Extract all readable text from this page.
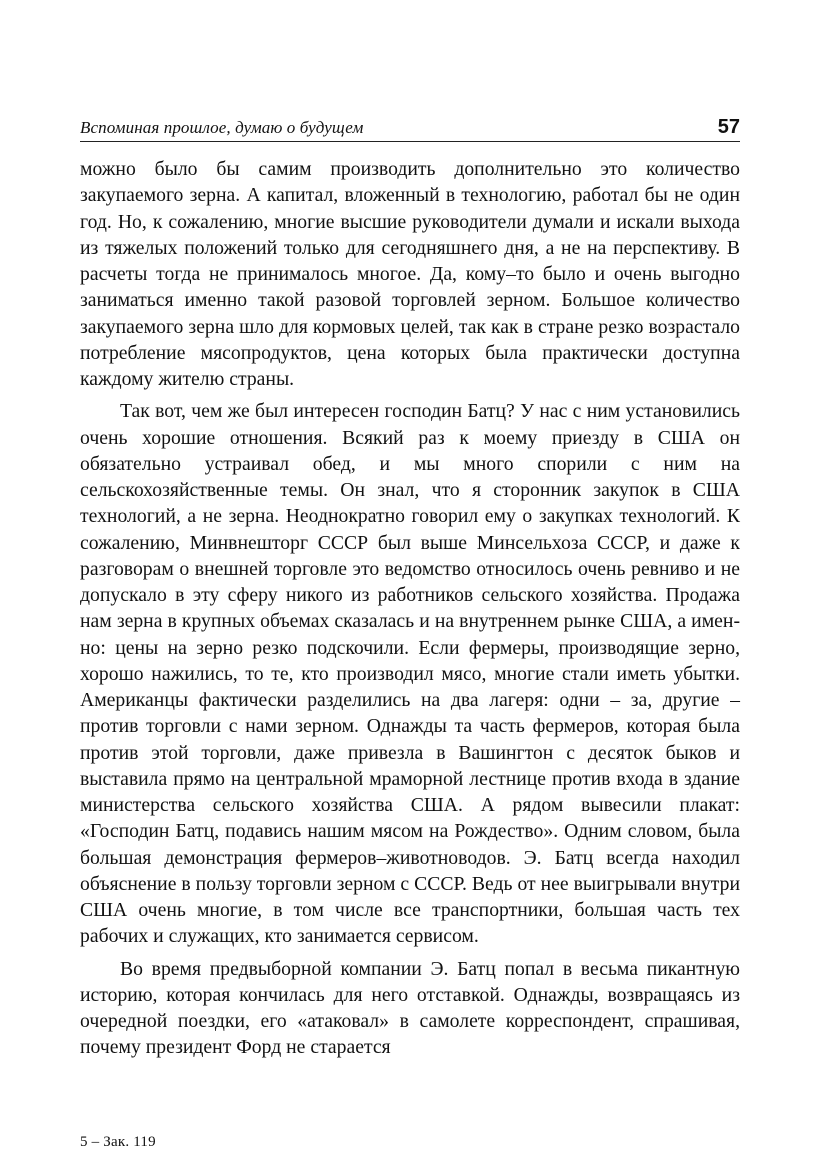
Вспоминая прошлое, думаю о будущем	57

можно было бы самим производить дополнительно это количество закупаемого зерна. А капитал, вложенный в технологию, работал бы не один год. Но, к сожалению, многие высшие руководители думали и искали выхода из тяжелых положений только для сегодняшнего дня, а не на перспективу. В расчеты тогда не принималось многое. Да, кому–то было и очень выгодно заниматься именно такой разовой торговлей зерном. Большое количество закупаемого зерна шло для кормовых целей, так как в стране резко возрастало потребление мясопродуктов, цена которых была практически доступна каждому жителю страны.

Так вот, чем же был интересен господин Батц? У нас с ним установились очень хорошие отношения. Всякий раз к моему приезду в США он обязательно устраивал обед, и мы много спорили с ним на сельскохозяйственные темы. Он знал, что я сторонник закупок в США технологий, а не зерна. Неоднократно говорил ему о закупках технологий. К сожалению, Минвнешторг СССР был выше Минсельхоза СССР, и даже к разговорам о внешней торговле это ведомство относилось очень ревниво и не допускало в эту сферу никого из работников сельского хозяйства. Продажа нам зерна в крупных объемах сказалась и на внутреннем рынке США, а именно: цены на зерно резко подскочили. Если фермеры, производящие зерно, хорошо нажились, то те, кто производил мясо, многие стали иметь убытки. Американцы фактически разделились на два лагеря: одни – за, другие – против торговли с нами зерном. Однажды та часть фермеров, которая была против этой торговли, даже привезла в Вашингтон с десяток быков и выставила прямо на центральной мраморной лестнице против входа в здание министерства сельского хозяйства США. А рядом вывесили плакат: «Господин Батц, подавись нашим мясом на Рождество». Одним словом, была большая демонстрация фермеров–животноводов. Э. Батц всегда находил объяснение в пользу торговли зерном с СССР. Ведь от нее выигрывали внутри США очень многие, в том числе все транспортники, большая часть тех рабочих и служащих, кто занимается сервисом.

Во время предвыборной компании Э. Батц попал в весьма пикантную историю, которая кончилась для него отставкой. Однажды, возвращаясь из очередной поездки, его «атаковал» в самолете корреспондент, спрашивая, почему президент Форд не старается

5 – Зак. 119
